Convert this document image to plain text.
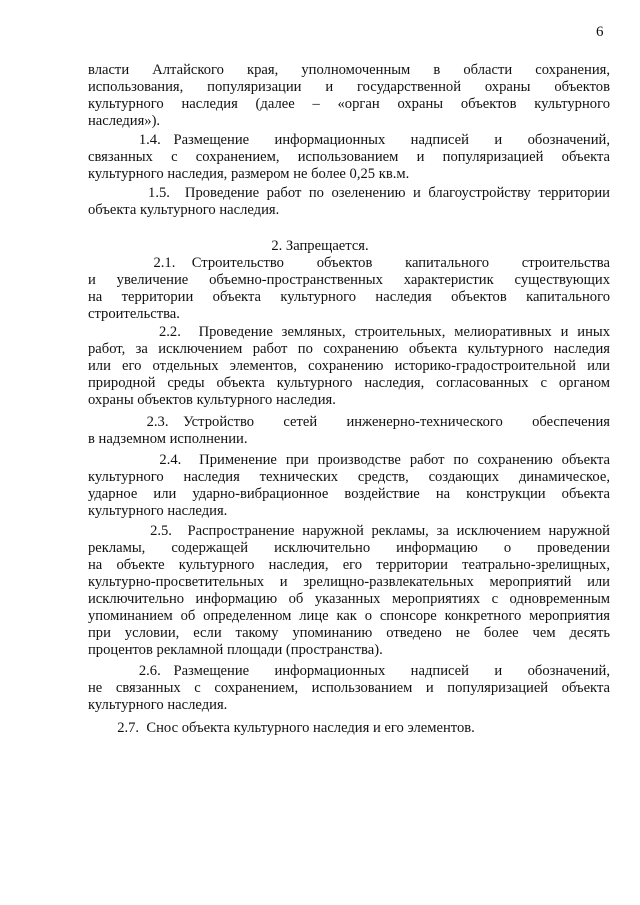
6
2. Запрещается.
власти   Алтайского   края,   уполномоченным   в   области   сохранения,
использования,   популяризации   и   государственной   охраны   объектов
культурного наследия (далее – «орган охраны объектов культурного
наследия»).
1.4.  Размещение    информационных    надписей    и    обозначений,
связанных с сохранением, использованием и популяризацией объекта
культурного наследия, размером не более 0,25 кв.м.
1.5.  Проведение работ по озеленению и благоустройству территории
объекта культурного наследия.
2.1.  Строительство    объектов    капитального    строительства
и  увеличение  объемно-пространственных  характеристик  существующих
на  территории  объекта  культурного  наследия  объектов  капитального
строительства.
2.2.  Проведение земляных, строительных, мелиоративных и иных
работ, за исключением работ по сохранению объекта культурного наследия
или его отдельных элементов, сохранению историко-градостроительной или
природной среды объекта культурного наследия, согласованных с органом
охраны объектов культурного наследия.
2.3.  Устройство    сетей    инженерно-технического    обеспечения
в надземном исполнении.
2.4.  Применение при производстве работ по сохранению объекта
культурного  наследия  технических  средств,  создающих  динамическое,
ударное или ударно-вибрационное воздействие на конструкции объекта
культурного наследия.
2.5.  Распространение наружной рекламы, за исключением наружной
рекламы,    содержащей    исключительно    информацию    о    проведении
на объекте культурного наследия, его территории театрально-зрелищных,
культурно-просветительных и зрелищно-развлекательных мероприятий или
исключительно информацию об указанных мероприятиях с одновременным
упоминанием об определенном лице как о спонсоре конкретного мероприятия
при условии, если такому упоминанию отведено не более чем десять
процентов рекламной площади (пространства).
2.6.  Размещение    информационных    надписей    и    обозначений,
не связанных с сохранением, использованием и популяризацией объекта
культурного наследия.
2.7.  Снос объекта культурного наследия и его элементов.
